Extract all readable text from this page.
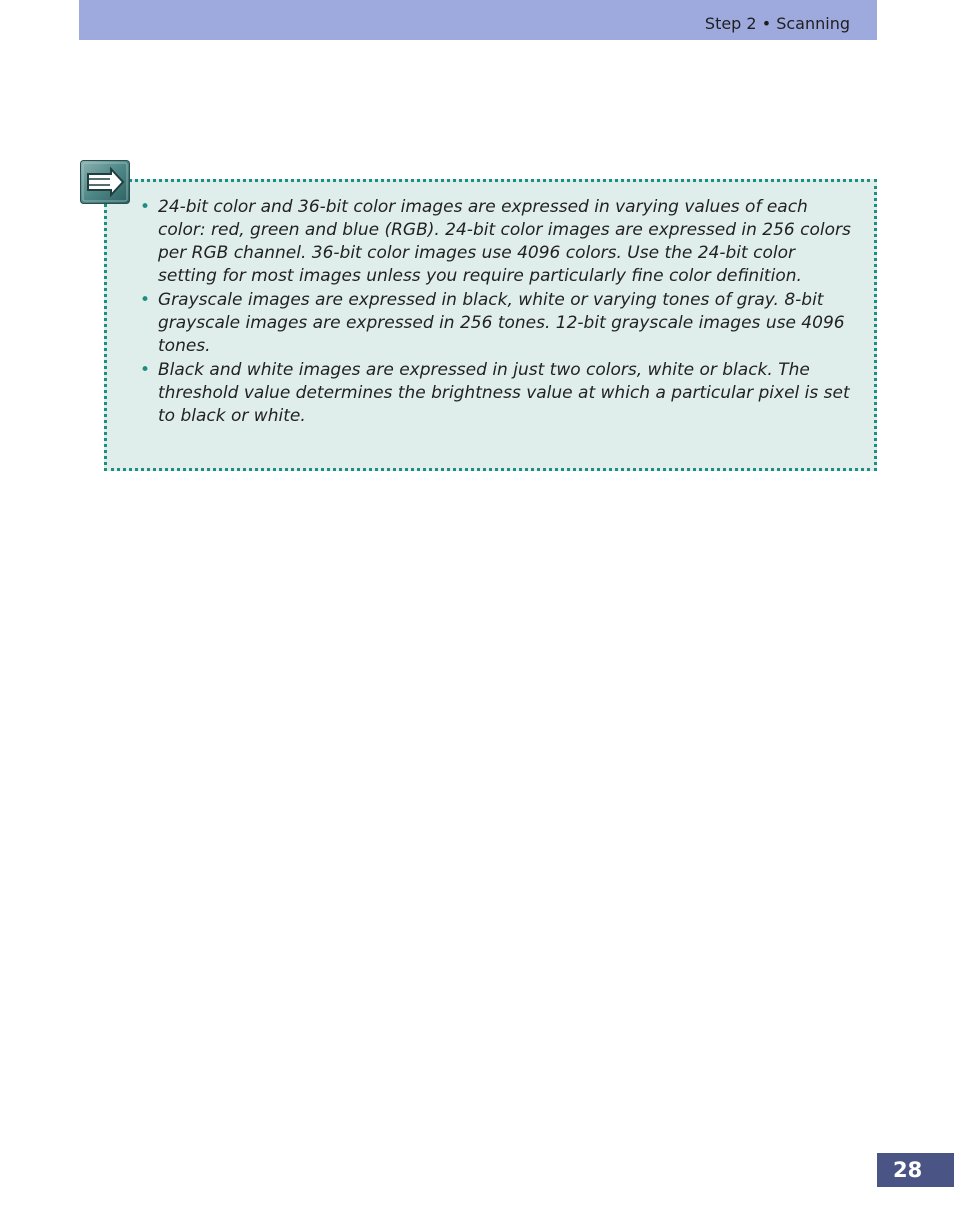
Step 2 • Scanning
• 24-bit color and 36-bit color images are expressed in varying values of each color: red, green and blue (RGB). 24-bit color images are expressed in 256 colors per RGB channel. 36-bit color images use 4096 colors. Use the 24-bit color setting for most images unless you require particularly fine color definition.
• Grayscale images are expressed in black, white or varying tones of gray. 8-bit grayscale images are expressed in 256 tones. 12-bit grayscale images use 4096 tones.
• Black and white images are expressed in just two colors, white or black. The threshold value determines the brightness value at which a particular pixel is set to black or white.
28
